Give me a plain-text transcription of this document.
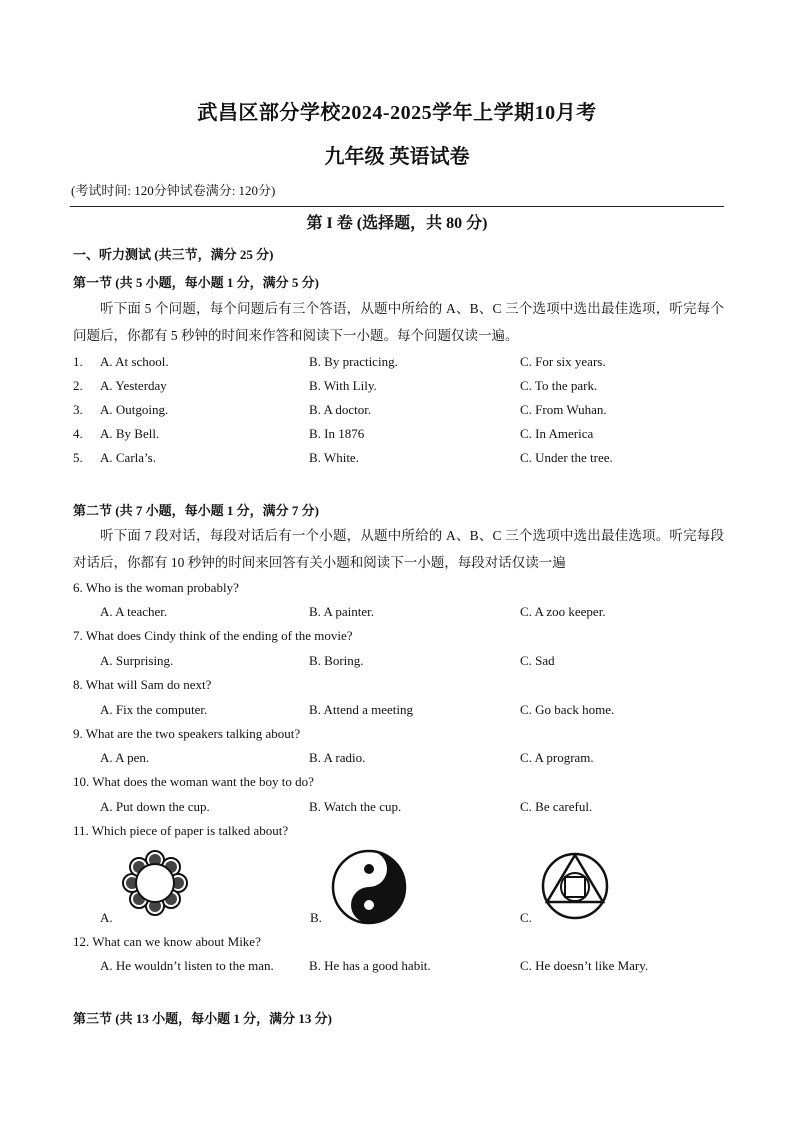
武昌区部分学校2024-2025学年上学期10月考
九年级 英语试卷
(考试时间: 120分钟试卷满分: 120分)
第 I 卷 (选择题，共 80 分)
一、听力测试 (共三节，满分 25 分)
第一节 (共 5 小题，每小题 1 分，满分 5 分)
听下面 5 个问题，每个问题后有三个答语，从题中所给的 A、B、C 三个选项中选出最佳选项，听完每个问题后，你都有 5 秒钟的时间来作答和阅读下一小题。每个问题仅读一遍。
1. A. At school.	B. By practicing.	C. For six years.
2. A. Yesterday	B. With Lily.	C. To the park.
3. A. Outgoing.	B. A doctor.	C. From Wuhan.
4. A. By Bell.	B. In 1876	C. In America
5. A. Carla’s.	B. White.	C. Under the tree.
第二节 (共 7 小题，每小题 1 分，满分 7 分)
听下面 7 段对话，每段对话后有一个小题，从题中所给的 A、B、C 三个选项中选出最佳选项。听完每段对话后，你都有 10 秒钟的时间来回答有关小题和阅读下一小题，每段对话仅读一遍
6. Who is the woman probably?
A. A teacher.	B. A painter.	C. A zoo keeper.
7. What does Cindy think of the ending of the movie?
A. Surprising.	B. Boring.	C. Sad
8. What will Sam do next?
A. Fix the computer.	B. Attend a meeting	C. Go back home.
9. What are the two speakers talking about?
A. A pen.	B. A radio.	C. A program.
10. What does the woman want the boy to do?
A. Put down the cup.	B. Watch the cup.	C. Be careful.
11. Which piece of paper is talked about?
A.	B.	C.
12. What can we know about Mike?
A. He wouldn’t listen to the man.	B. He has a good habit.	C. He doesn’t like Mary.
第三节 (共 13 小题，每小题 1 分，满分 13 分)
